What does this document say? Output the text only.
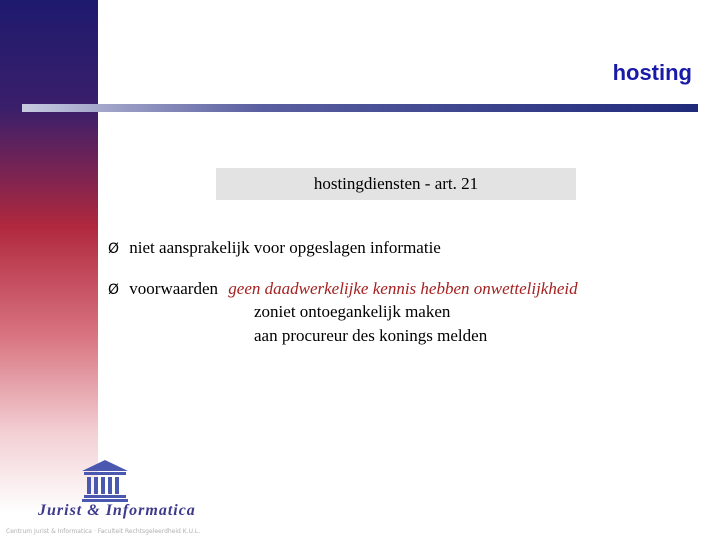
hosting
hostingdiensten - art. 21
Ø niet aansprakelijk voor opgeslagen informatie
Ø voorwaarden geen daadwerkelijke kennis hebben onwettelijkheid
zoniet ontoegankelijk maken
aan procureur des konings melden
Jurist & Informatica
Centrum Jurist & Informatica · Faculteit Rechtsgeleerdheid K.U.L.
